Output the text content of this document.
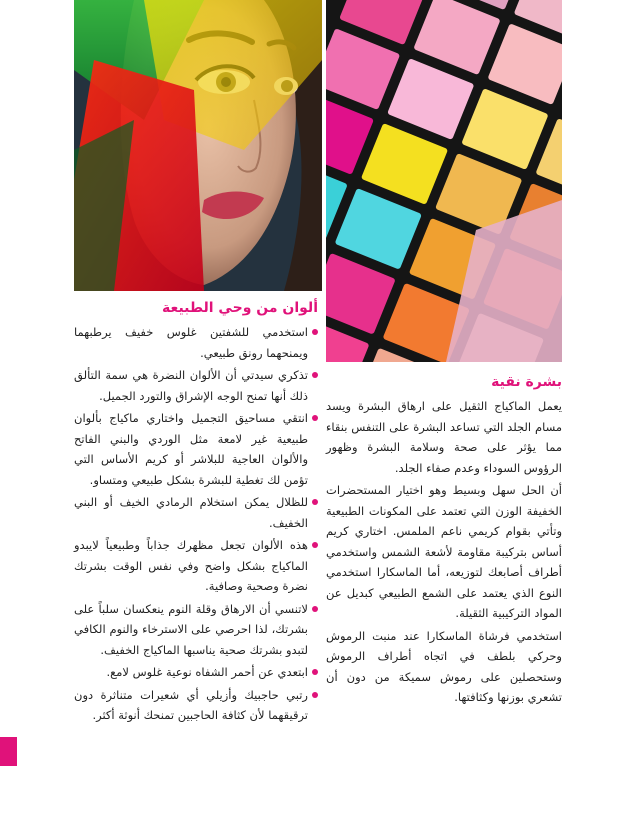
ألوان من وحي الطبيعة
استخدمي للشفتين غلوس خفيف يرطبهما ويمنحهما رونق طبيعي.
تذكري سيدتي أن الألوان النضرة هي سمة التألق ذلك أنها تمنح الوجه الإشراق والتورد الجميل.
انتقي مساحيق التجميل واختاري ماكياج بألوان طبيعية غير لامعة مثل الوردي والبني الفاتح والألوان العاجية للبلاشر أو كريم الأساس التي تؤمن لك تغطية للبشرة بشكل طبيعي ومتساو.
للظلال يمكن استخلام الرمادي الخيف أو البني الخفيف.
هذه الألوان تجعل مظهرك جذاباً وطبيعياً لايبدو الماكياج بشكل واضح وفي نفس الوقت بشرتك نضرة وصحية وصافية.
لاتنسي أن الارهاق وقلة النوم ينعكسان سلباً على بشرتك، لذا احرصي على الاسترخاء والنوم الكافي لتبدو بشرتك صحية يناسبها الماكياج الخفيف.
ابتعدي عن أحمر الشفاه نوعية غلوس لامع.
رتبي حاجبيك وأزيلي أي شعيرات متناثرة دون ترقيقهما لأن كثافة الحاجبين تمنحك أنوثة أكثر.
بشرة نقية

يعمل الماكياج الثقيل على ارهاق البشرة ويسد مسام الجلد التي تساعد البشرة على التنفس بنقاء مما يؤثر على صحة وسلامة البشرة وظهور الرؤوس السوداء وعدم صفاء الجلد.

أن الحل سهل وبسيط وهو اختيار المستحضرات الخفيفة الوزن التي تعتمد على المكونات الطبيعية وتأتي بقوام كريمي ناعم الملمس. اختاري كريم أساس بتركيبة مقاومة لأشعة الشمس واستخدمي أطراف أصابعك لتوزيعه، أما الماسكارا استخدمي النوع الذي يعتمد على الشمع الطبيعي كبديل عن المواد التركيبية الثقيلة.

استخدمي فرشاة الماسكارا عند منبت الرموش وحركي بلطف في اتجاه أطراف الرموش وستحصلين على رموش سميكة من دون أن تشعري بوزنها وكثافتها.
